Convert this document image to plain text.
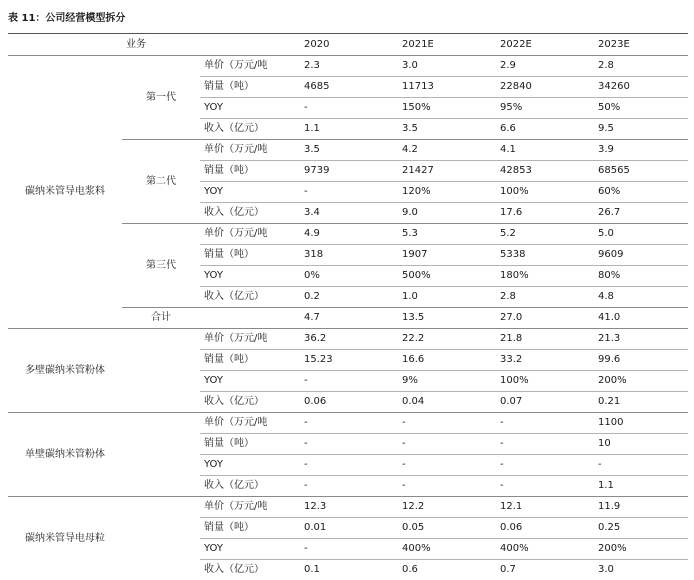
表 11：公司经营模型拆分
	业务		2020	2021E	2022E	2023E
碳纳米管导电浆料	第一代	单价（万元/吨	2.3	3.0	2.9	2.8
		销量（吨）	4685	11713	22840	34260
		YOY	-	150%	95%	50%
		收入（亿元）	1.1	3.5	6.6	9.5
	第二代	单价（万元/吨	3.5	4.2	4.1	3.9
		销量（吨）	9739	21427	42853	68565
		YOY	-	120%	100%	60%
		收入（亿元）	3.4	9.0	17.6	26.7
	第三代	单价（万元/吨	4.9	5.3	5.2	5.0
		销量（吨）	318	1907	5338	9609
		YOY	0%	500%	180%	80%
		收入（亿元）	0.2	1.0	2.8	4.8
	合计		4.7	13.5	27.0	41.0
多壁碳纳米管粉体		单价（万元/吨	36.2	22.2	21.8	21.3
		销量（吨）	15.23	16.6	33.2	99.6
		YOY	-	9%	100%	200%
		收入（亿元）	0.06	0.04	0.07	0.21
单壁碳纳米管粉体		单价（万元/吨	-	-	-	1100
		销量（吨）	-	-	-	10
		YOY	-	-	-	-
		收入（亿元）	-	-	-	1.1
碳纳米管导电母粒		单价（万元/吨	12.3	12.2	12.1	11.9
		销量（吨）	0.01	0.05	0.06	0.25
		YOY	-	400%	400%	200%
		收入（亿元）	0.1	0.6	0.7	3.0
